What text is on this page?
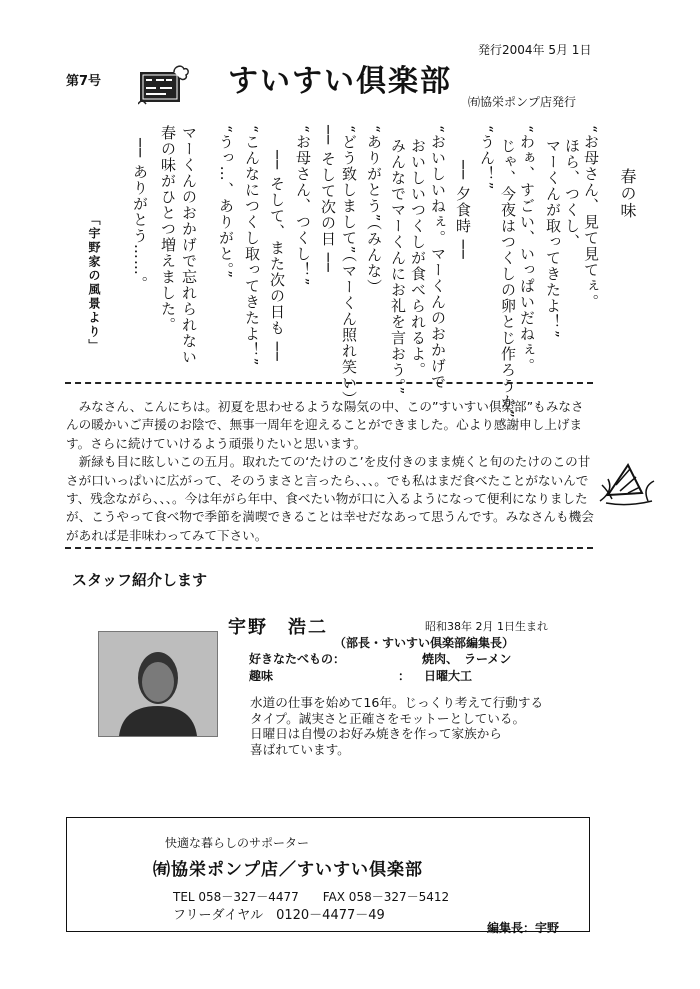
発行2004年 5月 1日
第7号	すいすい倶楽部
㈲協栄ポンプ店発行
春の味
「宇野家の風景より」	“お母さん、見て見てぇ。
ほら、つくし、
マーくんが取ってきたよ！”
“わぁ、すごい、いっぱいだねぇ。
じゃ、今夜はつくしの卵とじ作ろうか”
“うん！”
── 夕食時 ──
“おいしいねぇ。マーくんのおかげで
おいしいつくしが食べられるよ。
みんなでマーくんにお礼を言おう。”
“ありがとう”（みんな）
“どう致しまして”（マーくん照れ笑い）
── そして次の日 ──
“お母さん、つくし！”
── そして、また次の日も ──
“こんなにつくし取ってきたよ！”
“うっ…、ありがと。”
マーくんのおかげで忘れられない
春の味がひとつ増えました。
── ありがとう……。

みなさん、こんにちは。初夏を思わせるような陽気の中、この”すいすい倶楽部”もみなさんの暖かいご声援のお陰で、無事一周年を迎えることができました。心より感謝申し上げます。さらに続けていけるよう頑張りたいと思います。

新緑も目に眩しいこの五月。取れたての‘たけのこ’を皮付きのまま焼くと旬のたけのこの甘さが口いっぱいに広がって、そのうまさと言ったら、、、。でも私はまだ食べたことがないんです、残念ながら、、、。今は年がら年中、食べたい物が口に入るようになって便利になりましたが、こうやって食べ物で季節を満喫できることは幸せだなあって思うんです。みなさんも機会があれば是非味わってみて下さい。

スタッフ紹介します
宇野　浩二	昭和38年 2月 1日生まれ
（部長・すいすい倶楽部編集長）
好きなたべもの：	焼肉、　ラーメン
趣味	： 日曜大工

水道の仕事を始めて16年。じっくり考えて行動する

タイプ。誠実さと正確さをモットーとしている。

日曜日は自慢のお好み焼きを作って家族から

喜ばれています。

快適な暮らしのサポーター
㈲協栄ポンプ店／すいすい倶楽部
TEL 058－327－4477　　FAX 058－327－5412
フリーダイヤル　0120－4477－49
編集長：宇野
